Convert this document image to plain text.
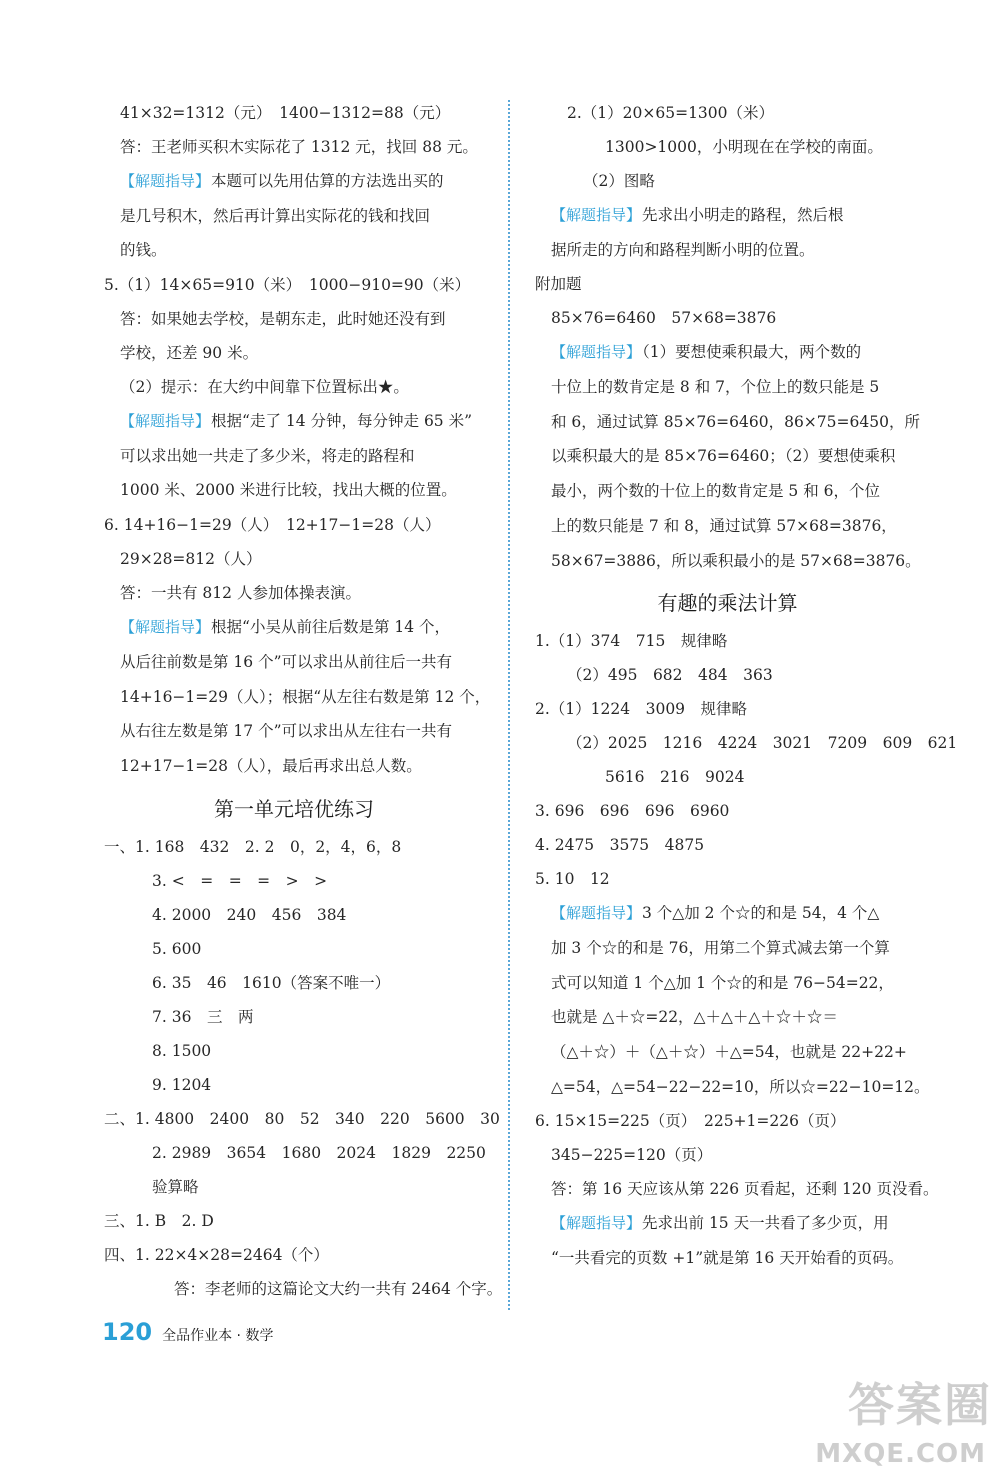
41×32=1312（元）　1400−1312=88（元）
答：王老师买积木实际花了 1312 元，找回 88 元。
【解题指导】本题可以先用估算的方法选出买的
是几号积木，然后再计算出实际花的钱和找回
的钱。
5.（1）14×65=910（米）　1000−910=90（米）
答：如果她去学校，是朝东走，此时她还没有到
学校，还差 90 米。
（2）提示：在大约中间靠下位置标出★。
【解题指导】根据“走了 14 分钟，每分钟走 65 米”
可以求出她一共走了多少米，将走的路程和
1000 米、2000 米进行比较，找出大概的位置。
6. 14+16−1=29（人）　12+17−1=28（人）
29×28=812（人）
答：一共有 812 人参加体操表演。
【解题指导】根据“小吴从前往后数是第 14 个，
从后往前数是第 16 个”可以求出从前往后一共有
14+16−1=29（人）；根据“从左往右数是第 12 个，
从右往左数是第 17 个”可以求出从左往右一共有
12+17−1=28（人），最后再求出总人数。
第一单元培优练习
一、1. 168　432　2. 2　0，2，4，6，8
3. <　=　=　=　>　>
4. 2000　240　456　384
5. 600
6. 35　46　1610（答案不唯一）
7. 36　三　两
8. 1500
9. 1204
二、1. 4800　2400　80　52　340　220　5600　30
2. 2989　3654　1680　2024　1829　2250
验算略
三、1. B　2. D
四、1. 22×4×28=2464（个）
答：李老师的这篇论文大约一共有 2464 个字。
2.（1）20×65=1300（米）
1300>1000，小明现在在学校的南面。
（2）图略
【解题指导】先求出小明走的路程，然后根
据所走的方向和路程判断小明的位置。
附加题
85×76=6460　57×68=3876
【解题指导】（1）要想使乘积最大，两个数的
十位上的数肯定是 8 和 7，个位上的数只能是 5
和 6，通过试算 85×76=6460，86×75=6450，所
以乘积最大的是 85×76=6460；（2）要想使乘积
最小，两个数的十位上的数肯定是 5 和 6，个位
上的数只能是 7 和 8，通过试算 57×68=3876，
58×67=3886，所以乘积最小的是 57×68=3876。
有趣的乘法计算
1.（1）374　715　规律略
（2）495　682　484　363
2.（1）1224　3009　规律略
（2）2025　1216　4224　3021　7209　609　621
5616　216　9024
3. 696　696　696　6960
4. 2475　3575　4875
5. 10　12
【解题指导】3 个△加 2 个☆的和是 54，4 个△
加 3 个☆的和是 76，用第二个算式减去第一个算
式可以知道 1 个△加 1 个☆的和是 76−54=22，
也就是 △＋☆=22，△＋△＋△＋☆＋☆＝
（△＋☆）＋（△＋☆）＋△=54，也就是 22+22+
△=54，△=54−22−22=10，所以☆=22−10=12。
6. 15×15=225（页）　225+1=226（页）
345−225=120（页）
答：第 16 天应该从第 226 页看起，还剩 120 页没看。
【解题指导】先求出前 15 天一共看了多少页，用
“一共看完的页数 +1”就是第 16 天开始看的页码。
120 全品作业本 · 数学
答案圈
MXQE.COM
